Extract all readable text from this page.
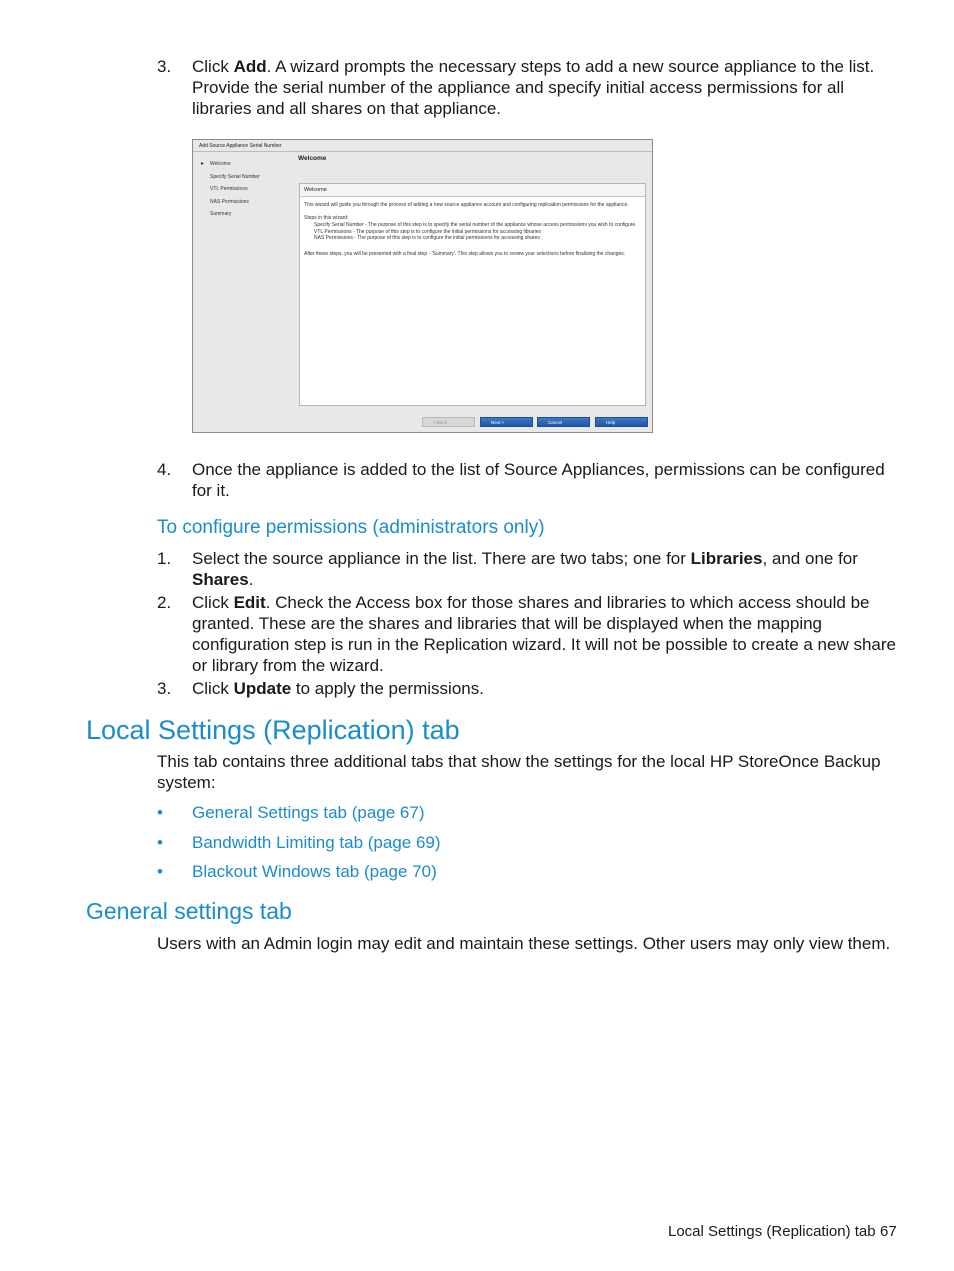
3.	Click Add. A wizard prompts the necessary steps to add a new source appliance to the list. Provide the serial number of the appliance and specify initial access permissions for all libraries and all shares on that appliance.
Add Source Appliance Serial Number
▸ Welcome
Specify Serial Number
VTL Permissions
NAS Permissions
Summary
Welcome
Welcome

This wizard will guide you through the process of adding a new source appliance account and configuring replication permissions for the appliance.

Steps in this wizard:

Specify Serial Number - The purpose of this step is to specify the serial number of the appliance whose access permissions you wish to configure.
VTL Permissions - The purpose of this step is to configure the initial permissions for accessing libraries
NAS Permissions - The purpose of this step is to configure the initial permissions for accessing shares

After these steps, you will be presented with a final step - 'Summary'. This step allows you to review your selections before finalising the changes.

< Back	Next >	Cancel	Help
4.	Once the appliance is added to the list of Source Appliances, permissions can be configured for it.
To configure permissions (administrators only)
1.	Select the source appliance in the list. There are two tabs; one for Libraries, and one for Shares.
2.	Click Edit. Check the Access box for those shares and libraries to which access should be granted. These are the shares and libraries that will be displayed when the mapping configuration step is run in the Replication wizard. It will not be possible to create a new share or library from the wizard.
3.	Click Update to apply the permissions.
Local Settings (Replication) tab
This tab contains three additional tabs that show the settings for the local HP StoreOnce Backup system:
• General Settings tab (page 67)
• Bandwidth Limiting tab (page 69)
• Blackout Windows tab (page 70)
General settings tab
Users with an Admin login may edit and maintain these settings. Other users may only view them.
Local Settings (Replication) tab 67
